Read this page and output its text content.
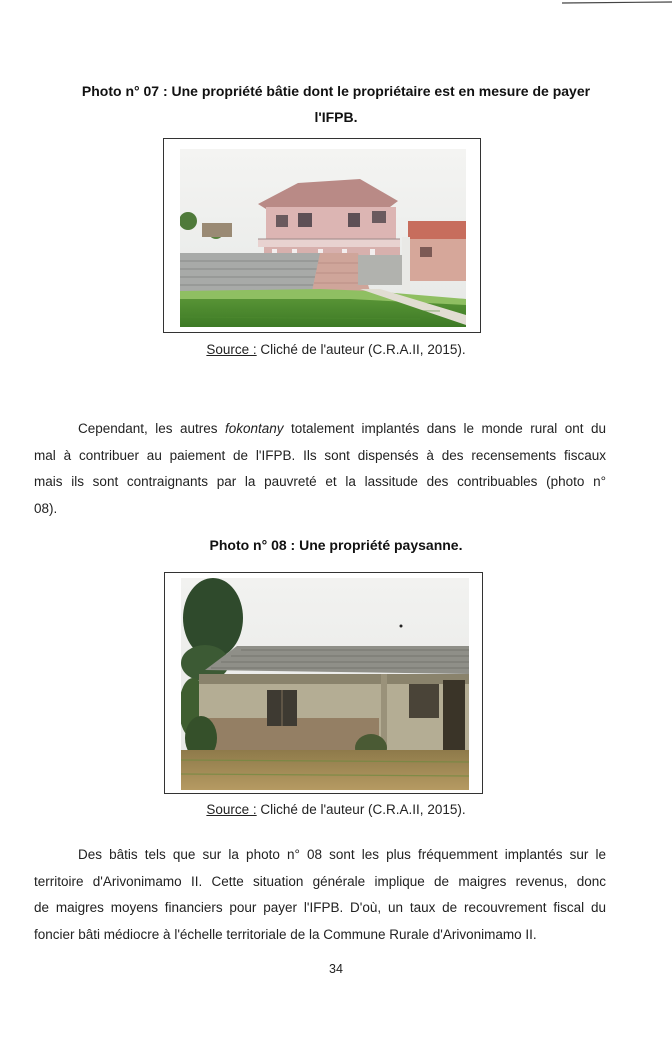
Photo n° 07 : Une propriété bâtie dont le propriétaire est en mesure de payer
l'IFPB.
Source : Cliché de l'auteur (C.R.A.II, 2015).
Cependant, les autres fokontany totalement implantés dans le monde rural ont du
mal à contribuer au paiement de l'IFPB. Ils sont dispensés à des recensements fiscaux
mais ils sont contraignants par la pauvreté et la lassitude des contribuables (photo n°
08).
Photo n° 08 : Une propriété paysanne.
Source : Cliché de l'auteur (C.R.A.II, 2015).
Des bâtis tels que sur la photo n° 08 sont les plus fréquemment implantés sur le
territoire d'Arivonimamo II. Cette situation générale implique de maigres revenus, donc
de maigres moyens financiers pour payer l'IFPB. D'où, un taux de recouvrement fiscal du
foncier bâti médiocre à l'échelle territoriale de la Commune Rurale d'Arivonimamo II.
34
